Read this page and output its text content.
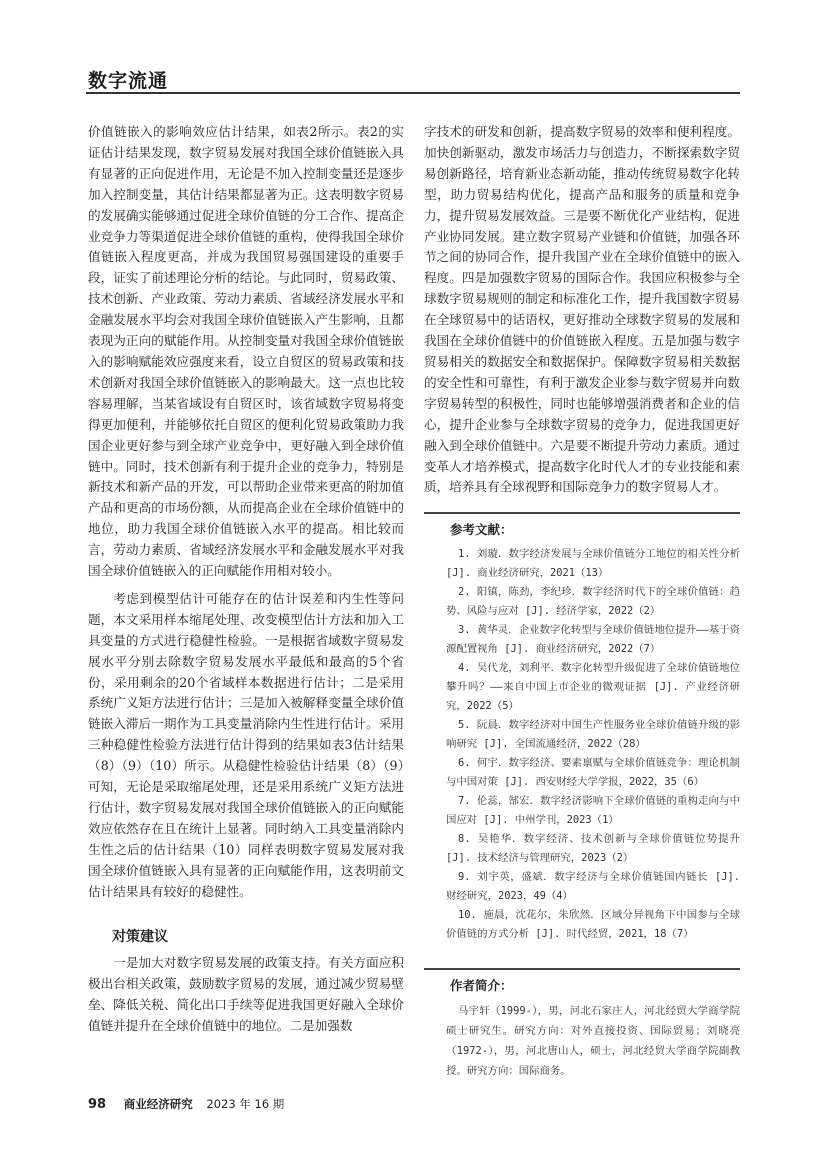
数字流通

价值链嵌入的影响效应估计结果，如表2所示。表2的实证估计结果发现，数字贸易发展对我国全球价值链嵌入具有显著的正向促进作用，无论是不加入控制变量还是逐步加入控制变量，其估计结果都显著为正。这表明数字贸易的发展确实能够通过促进全球价值链的分工合作、提高企业竞争力等渠道促进全球价值链的重构，使得我国全球价值链嵌入程度更高，并成为我国贸易强国建设的重要手段，证实了前述理论分析的结论。与此同时，贸易政策、技术创新、产业政策、劳动力素质、省域经济发展水平和金融发展水平均会对我国全球价值链嵌入产生影响，且都表现为正向的赋能作用。从控制变量对我国全球价值链嵌入的影响赋能效应强度来看，设立自贸区的贸易政策和技术创新对我国全球价值链嵌入的影响最大。这一点也比较容易理解，当某省域设有自贸区时，该省域数字贸易将变得更加便利，并能够依托自贸区的便利化贸易政策助力我国企业更好参与到全球产业竞争中，更好融入到全球价值链中。同时，技术创新有利于提升企业的竞争力，特别是新技术和新产品的开发，可以帮助企业带来更高的附加值产品和更高的市场份额，从而提高企业在全球价值链中的地位，助力我国全球价值链嵌入水平的提高。相比较而言，劳动力素质、省域经济发展水平和金融发展水平对我国全球价值链嵌入的正向赋能作用相对较小。

考虑到模型估计可能存在的估计误差和内生性等问题，本文采用样本缩尾处理、改变模型估计方法和加入工具变量的方式进行稳健性检验。一是根据省域数字贸易发展水平分别去除数字贸易发展水平最低和最高的5个省份，采用剩余的20个省域样本数据进行估计；二是采用系统广义矩方法进行估计；三是加入被解释变量全球价值链嵌入滞后一期作为工具变量消除内生性进行估计。采用三种稳健性检验方法进行估计得到的结果如表3估计结果（8）（9）（10）所示。从稳健性检验估计结果（8）（9）可知，无论是采取缩尾处理，还是采用系统广义矩方法进行估计，数字贸易发展对我国全球价值链嵌入的正向赋能效应依然存在且在统计上显著。同时纳入工具变量消除内生性之后的估计结果（10）同样表明数字贸易发展对我国全球价值链嵌入具有显著的正向赋能作用，这表明前文估计结果具有较好的稳健性。

对策建议

一是加大对数字贸易发展的政策支持。有关方面应积极出台相关政策，鼓励数字贸易的发展，通过减少贸易壁垒、降低关税、简化出口手续等促进我国更好融入全球价值链并提升在全球价值链中的地位。二是加强数

字技术的研发和创新，提高数字贸易的效率和便利程度。加快创新驱动，激发市场活力与创造力，不断探索数字贸易创新路径，培育新业态新动能，推动传统贸易数字化转型，助力贸易结构优化，提高产品和服务的质量和竞争力，提升贸易发展效益。三是要不断优化产业结构，促进产业协同发展。建立数字贸易产业链和价值链，加强各环节之间的协同合作，提升我国产业在全球价值链中的嵌入程度。四是加强数字贸易的国际合作。我国应积极参与全球数字贸易规则的制定和标准化工作，提升我国数字贸易在全球贸易中的话语权，更好推动全球数字贸易的发展和我国在全球价值链中的价值链嵌入程度。五是加强与数字贸易相关的数据安全和数据保护。保障数字贸易相关数据的安全性和可靠性，有利于激发企业参与数字贸易并向数字贸易转型的积极性，同时也能够增强消费者和企业的信心，提升企业参与全球数字贸易的竞争力，促进我国更好融入到全球价值链中。六是要不断提升劳动力素质。通过变革人才培养模式，提高数字化时代人才的专业技能和素质，培养具有全球视野和国际竞争力的数字贸易人才。

参考文献：
1. 刘璇．数字经济发展与全球价值链分工地位的相关性分析 [J]. 商业经济研究，2021（13）
2. 阳镇，陈劲，李纪珍．数字经济时代下的全球价值链：趋势、风险与应对 [J]. 经济学家，2022（2）
3. 黄华灵．企业数字化转型与全球价值链地位提升——基于资源配置视角 [J]. 商业经济研究，2022（7）
4. 吴代龙，刘利平．数字化转型升级促进了全球价值链地位攀升吗？——来自中国上市企业的微观证据 [J]. 产业经济研究，2022（5）
5. 阮晨．数字经济对中国生产性服务业全球价值链升级的影响研究 [J]. 全国流通经济，2022（28）
6. 何宇．数字经济、要素禀赋与全球价值链竞争：理论机制与中国对策 [J]. 西安财经大学学报，2022，35（6）
7. 伦蕊，郜宏．数字经济影响下全球价值链的重构走向与中国应对 [J]. 中州学刊，2023（1）
8. 吴艳华．数字经济、技术创新与全球价值链位势提升 [J]. 技术经济与管理研究，2023（2）
9. 刘宇英，盛斌．数字经济与全球价值链国内链长 [J]. 财经研究，2023，49（4）
10. 施晨，沈花尔，朱欣然．区域分异视角下中国参与全球价值链的方式分析 [J]. 时代经贸，2021，18（7）
作者简介：
马宇轩（1999-），男，河北石家庄人，河北经贸大学商学院硕士研究生。研究方向：对外直接投资、国际贸易；刘晓亮（1972-），男，河北唐山人，硕士，河北经贸大学商学院副教授。研究方向：国际商务。
98 商业经济研究 2023 年 16 期
